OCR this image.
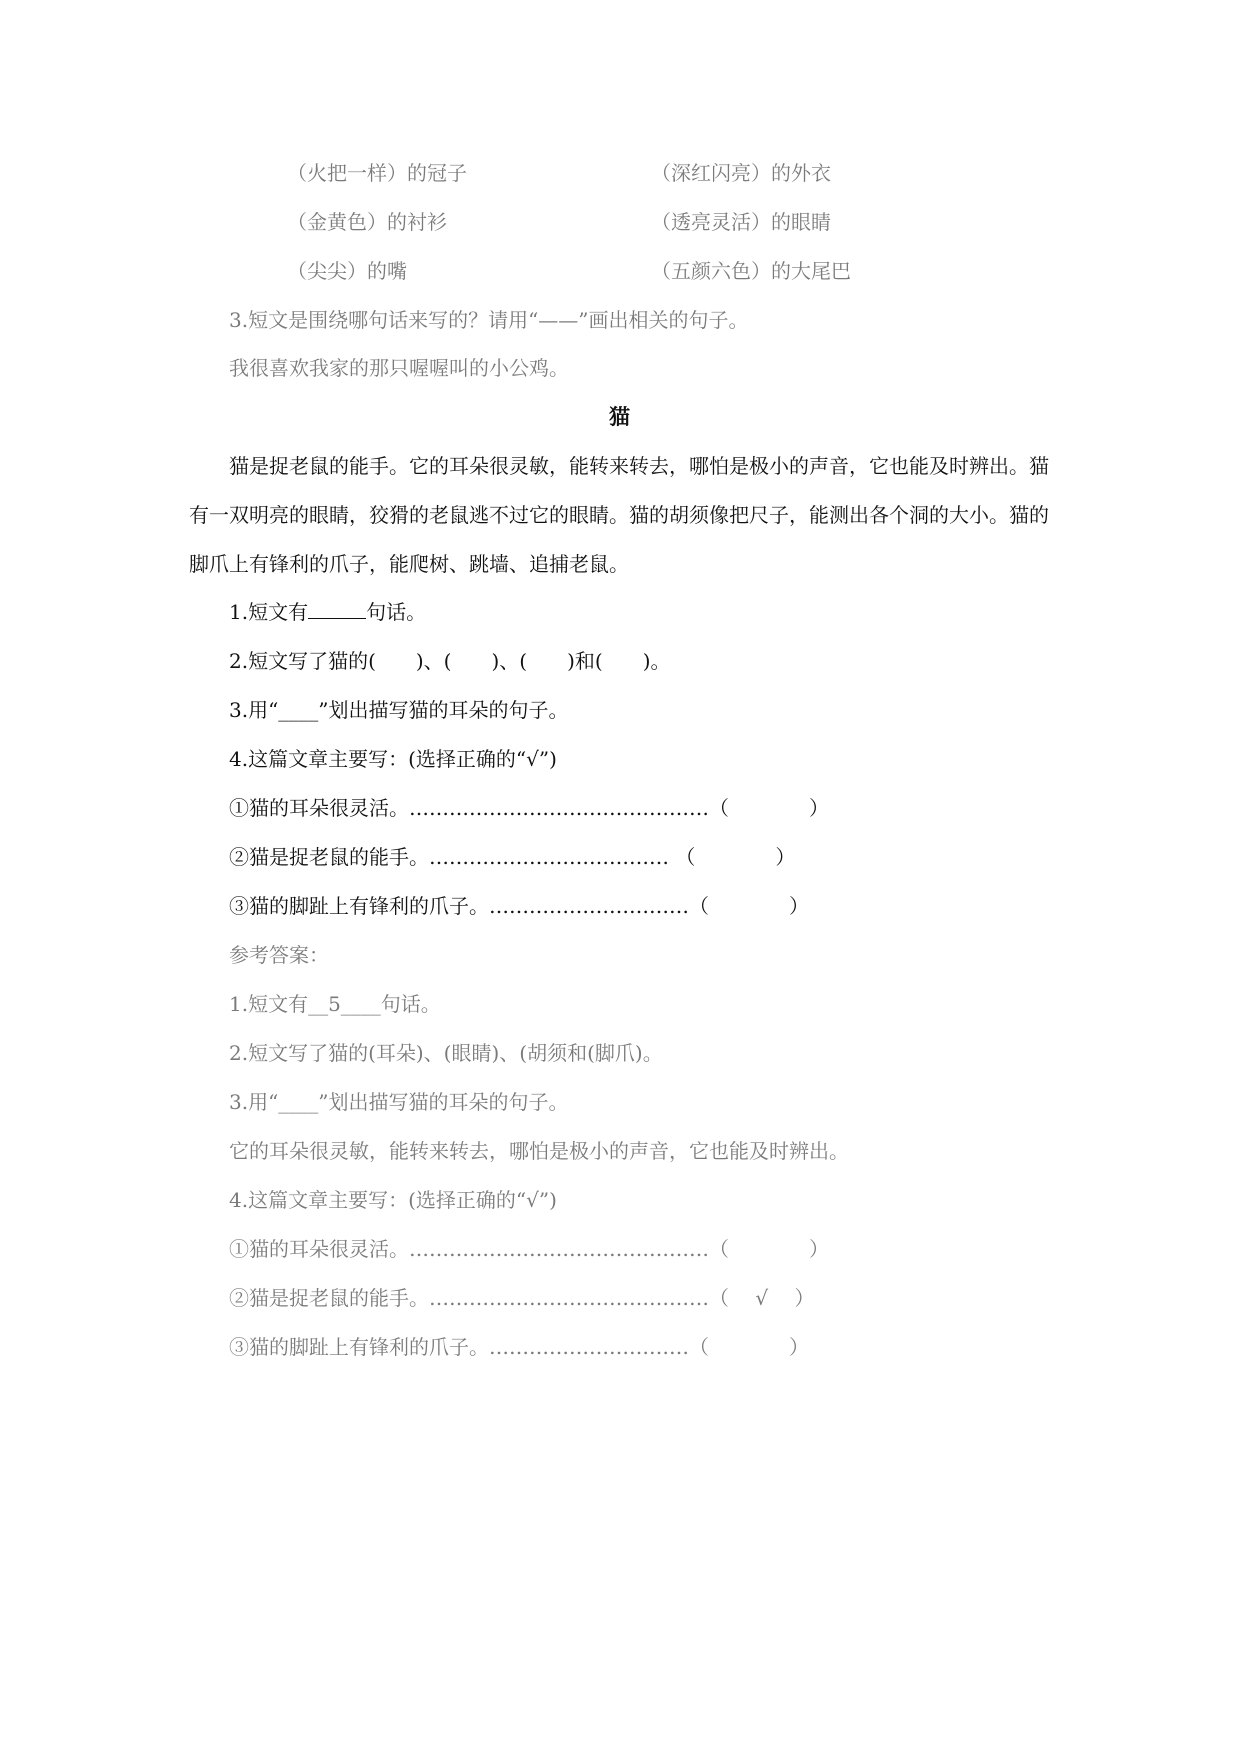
（火把一样）的冠子	（深红闪亮）的外衣
（金黄色）的衬衫	（透亮灵活）的眼睛
（尖尖）的嘴	（五颜六色）的大尾巴
3.短文是围绕哪句话来写的？请用“——”画出相关的句子。
我很喜欢我家的那只喔喔叫的小公鸡。
猫
猫是捉老鼠的能手。它的耳朵很灵敏，能转来转去，哪怕是极小的声音，它也能及时辨出。猫有一双明亮的眼睛，狡猾的老鼠逃不过它的眼睛。猫的胡须像把尺子，能测出各个洞的大小。猫的脚爪上有锋利的爪子，能爬树、跳墙、追捕老鼠。
1.短文有	句话。
2.短文写了猫的(　　)、(　　)、(　　)和(　　)。
3.用“____”划出描写猫的耳朵的句子。
4.这篇文章主要写：(选择正确的“√”)
①猫的耳朵很灵活。………………………………………（　　　　）
②猫是捉老鼠的能手。……………………………… （　　　　）
③猫的脚趾上有锋利的爪子。…………………………（　　　　）
参考答案：
1.短文有__5____句话。
2.短文写了猫的(耳朵)、(眼睛)、(胡须和(脚爪)。
3.用“____”划出描写猫的耳朵的句子。
它的耳朵很灵敏，能转来转去，哪怕是极小的声音，它也能及时辨出。
4.这篇文章主要写：(选择正确的“√”)
①猫的耳朵很灵活。………………………………………（　　　　）
②猫是捉老鼠的能手。……………………………………（　 √　 ）
③猫的脚趾上有锋利的爪子。…………………………（　　　　）
